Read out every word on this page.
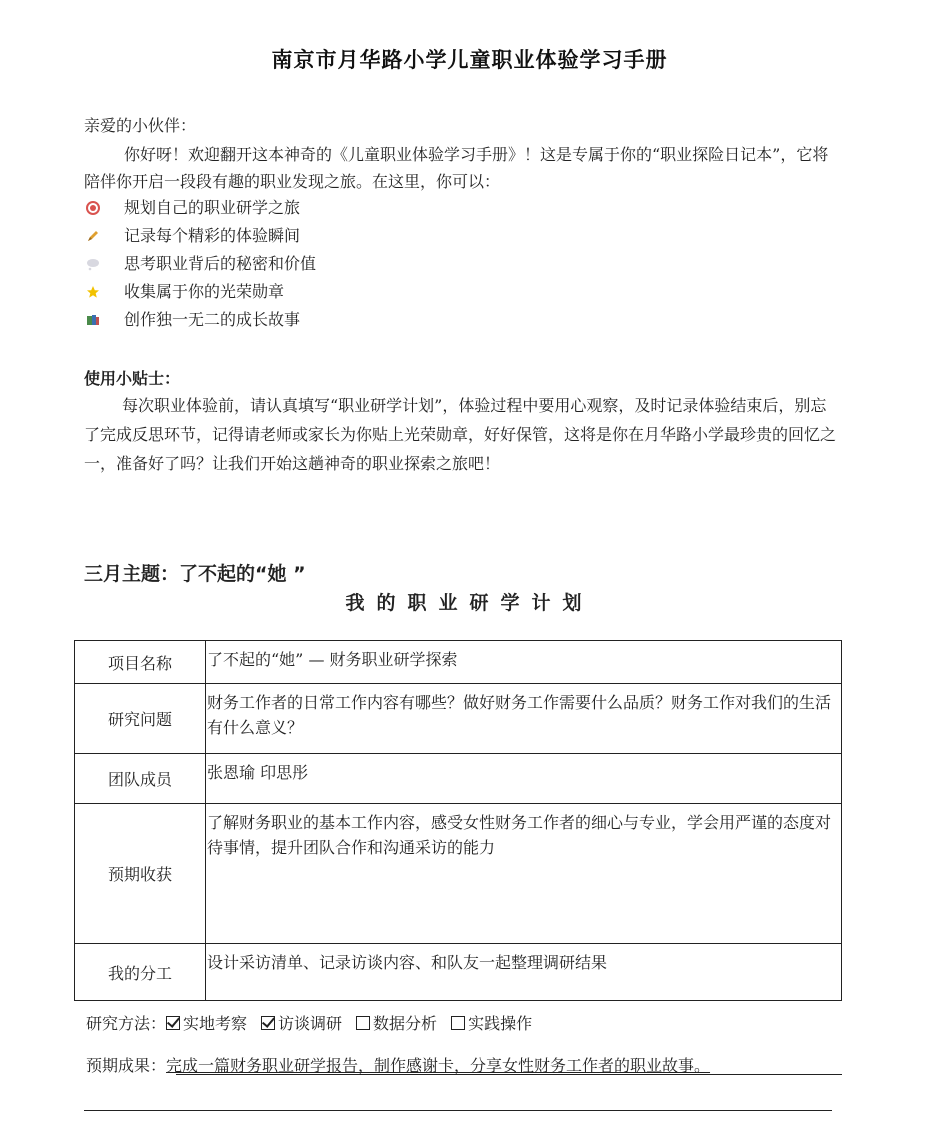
南京市月华路小学儿童职业体验学习手册
亲爱的小伙伴：
你好呀！欢迎翻开这本神奇的《儿童职业体验学习手册》！这是专属于你的“职业探险日记本”，它将陪伴你开启一段段有趣的职业发现之旅。在这里，你可以：
规划自己的职业研学之旅
记录每个精彩的体验瞬间
思考职业背后的秘密和价值
收集属于你的光荣勋章
创作独一无二的成长故事
使用小贴士：
每次职业体验前，请认真填写“职业研学计划”，体验过程中要用心观察，及时记录体验结束后，别忘了完成反思环节，记得请老师或家长为你贴上光荣勋章，好好保管，这将是你在月华路小学最珍贵的回忆之一，准备好了吗？让我们开始这趟神奇的职业探索之旅吧！
三月主题：了不起的“她 ”
我的职业研学计划
项目名称	了不起的“她” — 财务职业研学探索
研究问题	财务工作者的日常工作内容有哪些？做好财务工作需要什么品质？财务工作对我们的生活有什么意义？
团队成员	张恩瑜 印思彤
预期收获	了解财务职业的基本工作内容，感受女性财务工作者的细心与专业，学会用严谨的态度对待事情，提升团队合作和沟通采访的能力
我的分工	设计采访清单、记录访谈内容、和队友一起整理调研结果
研究方法： 实地考察 访谈调研 数据分析 实践操作
预期成果：完成一篇财务职业研学报告，制作感谢卡，分享女性财务工作者的职业故事。
